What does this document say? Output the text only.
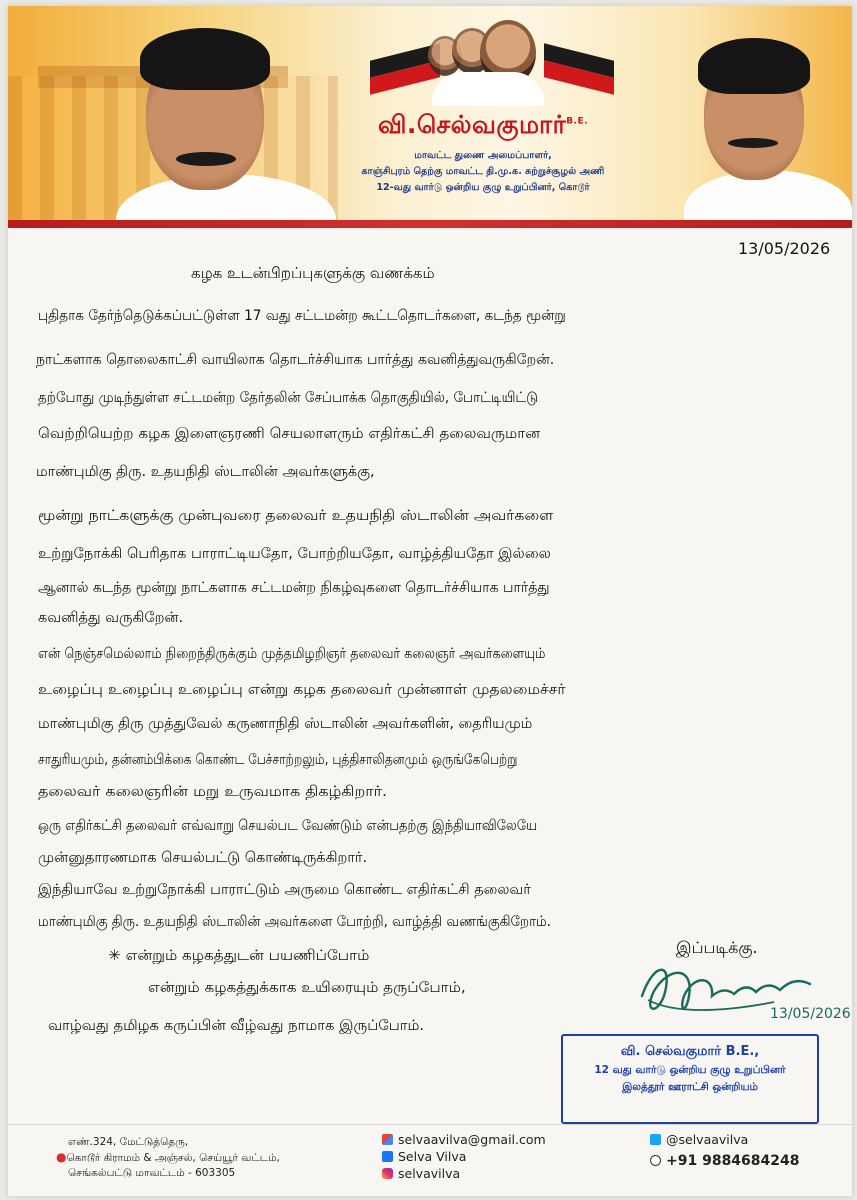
வி.செல்வகுமார்$^{B.E.}$
மாவட்ட துணை அமைப்பாளர்,
காஞ்சிபுரம் தெற்கு மாவட்ட தி.மு.க. சுற்றுச்சூழல் அணி
12-வது வார்டு ஒன்றிய குழு உறுப்பினர், கொடூர்
13/05/2026
கழக உடன்பிறப்புகளுக்கு வணக்கம்
புதிதாக தேர்ந்தெடுக்கப்பட்டுள்ள 17 வது சட்டமன்ற கூட்டதொடர்களை, கடந்த மூன்று
நாட்களாக தொலைகாட்சி வாயிலாக தொடர்ச்சியாக பார்த்து கவனித்துவருகிறேன்.
தற்போது முடிந்துள்ள சட்டமன்ற தேர்தலின் சேப்பாக்க தொகுதியில், போட்டியிட்டு
வெற்றியெற்ற கழக இளைஞரணி செயலாளரும் எதிர்கட்சி தலைவருமான
மாண்புமிகு திரு. உதயநிதி ஸ்டாலின் அவர்களுக்கு,
மூன்று நாட்களுக்கு முன்புவரை தலைவர் உதயநிதி ஸ்டாலின் அவர்களை
உற்றுநோக்கி பெரிதாக பாராட்டியதோ, போற்றியதோ, வாழ்த்தியதோ இல்லை
ஆனால் கடந்த மூன்று நாட்களாக சட்டமன்ற நிகழ்வுகளை தொடர்ச்சியாக பார்த்து
கவனித்து வருகிறேன்.
என் நெஞ்சமெல்லாம் நிறைந்திருக்கும் முத்தமிழறிஞர் தலைவர் கலைஞர் அவர்களையும்
உழைப்பு உழைப்பு உழைப்பு என்று கழக தலைவர் முன்னாள் முதலமைச்சர்
மாண்புமிகு திரு முத்துவேல் கருணாநிதி ஸ்டாலின் அவர்களின், தைரியமும்
சாதுரியமும், தன்னம்பிக்கை கொண்ட பேச்சாற்றலும், புத்திசாலிதனமும் ஒருங்கேபெற்று
தலைவர் கலைஞரின் மறு உருவமாக திகழ்கிறார்.
ஒரு எதிர்கட்சி தலைவர் எவ்வாறு செயல்பட வேண்டும் என்பதற்கு இந்தியாவிலேயே
முன்னுதாரணமாக செயல்பட்டு கொண்டிருக்கிறார்.
இந்தியாவே உற்றுநோக்கி பாராட்டும் அருமை கொண்ட எதிர்கட்சி தலைவர்
மாண்புமிகு திரு. உதயநிதி ஸ்டாலின் அவர்களை போற்றி, வாழ்த்தி வணங்குகிறோம்.
✳ என்றும் கழகத்துடன் பயணிப்போம்	இப்படிக்கு.
என்றும் கழகத்துக்காக உயிரையும் தருப்போம்,
வாழ்வது தமிழக கருப்பின் வீழ்வது நாமாக இருப்போம்.
13/05/2026
வி. செல்வகுமார் B.E.,
12 வது வார்டு ஒன்றிய குழு உறுப்பினர்
இலத்தூர் ஊராட்சி ஒன்றியம்
எண்.324, மேட்டுத்தெரு,
●கொடூர் கிராமம் & அஞ்சல், செய்யூர் வட்டம்,
செங்கல்பட்டு மாவட்டம் - 603305
selvaavilva@gmail.com
Selva Vilva
selvavilva
@selvaavilva
+91 9884684248
